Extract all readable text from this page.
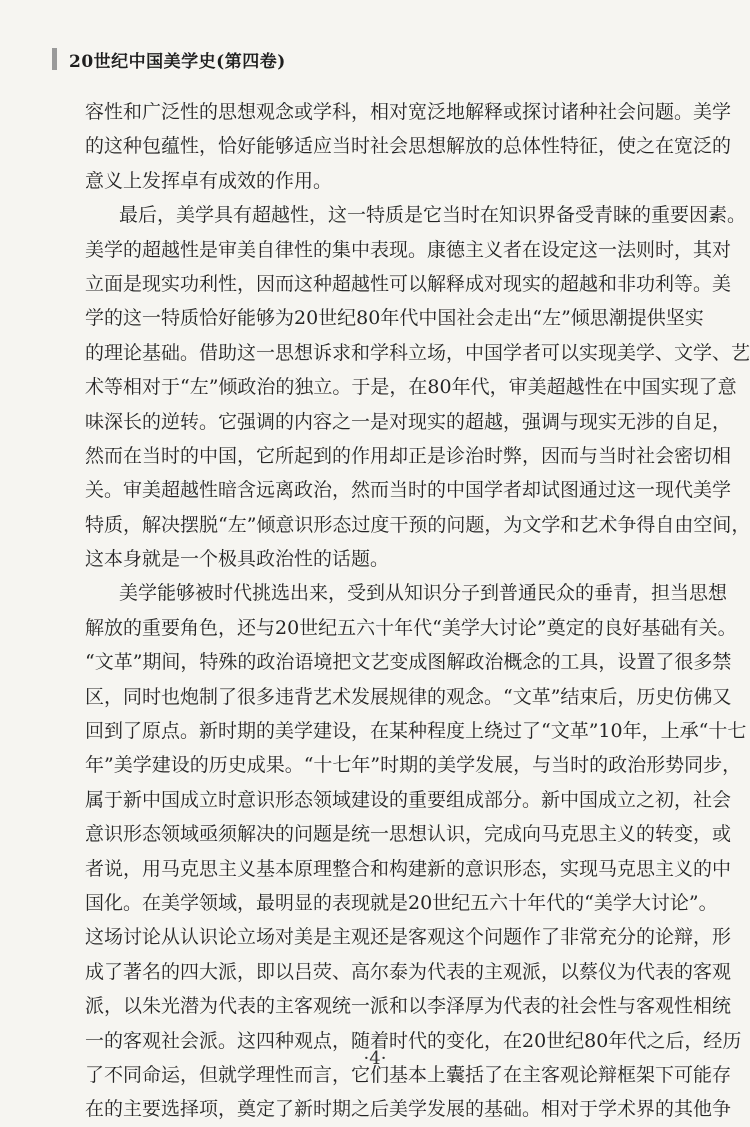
20世纪中国美学史(第四卷)
容性和广泛性的思想观念或学科，相对宽泛地解释或探讨诸种社会问题。美学
的这种包蕴性，恰好能够适应当时社会思想解放的总体性特征，使之在宽泛的
意义上发挥卓有成效的作用。
最后，美学具有超越性，这一特质是它当时在知识界备受青睐的重要因素。
美学的超越性是审美自律性的集中表现。康德主义者在设定这一法则时，其对
立面是现实功利性，因而这种超越性可以解释成对现实的超越和非功利等。美
学的这一特质恰好能够为20世纪80年代中国社会走出“左”倾思潮提供坚实
的理论基础。借助这一思想诉求和学科立场，中国学者可以实现美学、文学、艺
术等相对于“左”倾政治的独立。于是，在80年代，审美超越性在中国实现了意
味深长的逆转。它强调的内容之一是对现实的超越，强调与现实无涉的自足，
然而在当时的中国，它所起到的作用却正是诊治时弊，因而与当时社会密切相
关。审美超越性暗含远离政治，然而当时的中国学者却试图通过这一现代美学
特质，解决摆脱“左”倾意识形态过度干预的问题，为文学和艺术争得自由空间，
这本身就是一个极具政治性的话题。
美学能够被时代挑选出来，受到从知识分子到普通民众的垂青，担当思想
解放的重要角色，还与20世纪五六十年代“美学大讨论”奠定的良好基础有关。
“文革”期间，特殊的政治语境把文艺变成图解政治概念的工具，设置了很多禁
区，同时也炮制了很多违背艺术发展规律的观念。“文革”结束后，历史仿佛又
回到了原点。新时期的美学建设，在某种程度上绕过了“文革”10年，上承“十七
年”美学建设的历史成果。“十七年”时期的美学发展，与当时的政治形势同步，
属于新中国成立时意识形态领域建设的重要组成部分。新中国成立之初，社会
意识形态领域亟须解决的问题是统一思想认识，完成向马克思主义的转变，或
者说，用马克思主义基本原理整合和构建新的意识形态，实现马克思主义的中
国化。在美学领域，最明显的表现就是20世纪五六十年代的“美学大讨论”。
这场讨论从认识论立场对美是主观还是客观这个问题作了非常充分的论辩，形
成了著名的四大派，即以吕荧、高尔泰为代表的主观派，以蔡仪为代表的客观
派，以朱光潜为代表的主客观统一派和以李泽厚为代表的社会性与客观性相统
一的客观社会派。这四种观点，随着时代的变化，在20世纪80年代之后，经历
了不同命运，但就学理性而言，它们基本上囊括了在主客观论辩框架下可能存
在的主要选择项，奠定了新时期之后美学发展的基础。相对于学术界的其他争
·4·
